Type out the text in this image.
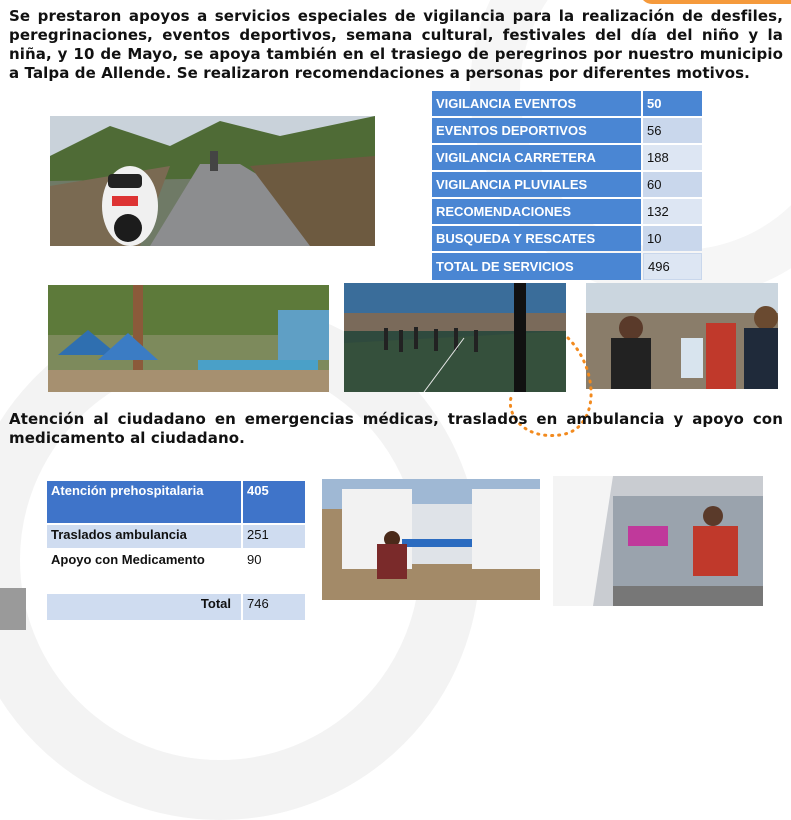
Se prestaron apoyos a servicios especiales de vigilancia para la realización de desfiles, peregrinaciones, eventos deportivos, semana cultural, festivales del día del niño y la niña, y 10 de Mayo, se apoya también en el trasiego de peregrinos por nuestro municipio a Talpa de Allende. Se realizaron recomendaciones a personas por diferentes motivos.

VIGILANCIA EVENTOS	50
EVENTOS DEPORTIVOS	56
VIGILANCIA CARRETERA	188
VIGILANCIA PLUVIALES	60
RECOMENDACIONES	132
BUSQUEDA Y RESCATES	10
TOTAL DE SERVICIOS	496

Atención al ciudadano en emergencias médicas, traslados en ambulancia y apoyo con medicamento al ciudadano.

Atención prehospitalaria	405
Traslados ambulancia	251
Apoyo con Medicamento	90
Total	746
